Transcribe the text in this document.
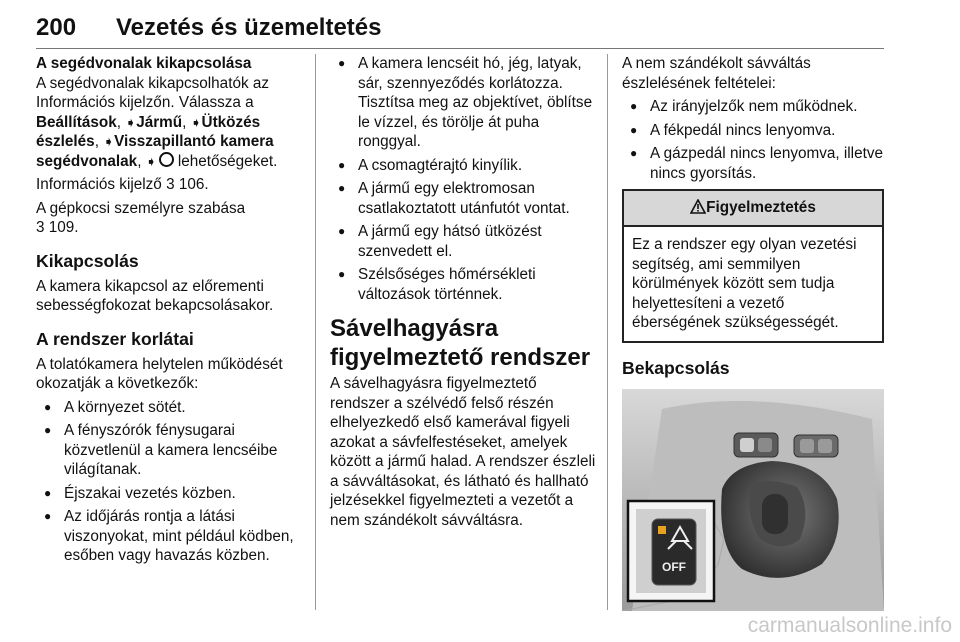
200 Vezetés és üzemeltetés
A segédvonalak kikapcsolása

A segédvonalak kikapcsolhatók az Információs kijelzőn. Válassza a Beállítások, ➧Jármű, ➧Ütközés észlelés, ➧Visszapillantó kamera segédvonalak, ➧ lehetőségeket.

Információs kijelző 3 106.

A gépkocsi személyre szabása
3 109.

Kikapcsolás

A kamera kikapcsol az előrementi sebességfokozat bekapcsolásakor.

A rendszer korlátai

A tolatókamera helytelen működését okozatják a következők:

● A környezet sötét.
● A fényszórók fénysugarai közvetlenül a kamera lencséibe világítanak.
● Éjszakai vezetés közben.
● Az időjárás rontja a látási viszonyokat, mint például ködben, esőben vagy havazás közben.
● A kamera lencséit hó, jég, latyak, sár, szennyeződés korlátozza. Tisztítsa meg az objektívet, öblítse le vízzel, és törölje át puha ronggyal.
● A csomagtérajtó kinyílik.
● A jármű egy elektromosan csatlakoztatott utánfutót vontat.
● A jármű egy hátsó ütközést szenvedett el.
● Szélsőséges hőmérsékleti változások történnek.
Sávelhagyásra figyelmeztető rendszer

A sávelhagyásra figyelmeztető rendszer a szélvédő felső részén elhelyezkedő első kamerával figyeli azokat a sávfelfestéseket, amelyek között a jármű halad. A rendszer észleli a sávváltásokat, és látható és hallható jelzésekkel figyelmezteti a vezetőt a nem szándékolt sávváltásra.

A nem szándékolt sávváltás észlelésének feltételei:

● Az irányjelzők nem működnek.
● A fékpedál nincs lenyomva.
● A gázpedál nincs lenyomva, illetve nincs gyorsítás.
Figyelmeztetés

Ez a rendszer egy olyan vezetési segítség, ami semmilyen körülmények között sem tudja helyettesíteni a vezető éberségének szükségességét.

Bekapcsolás
OFF
carmanualsonline.info
